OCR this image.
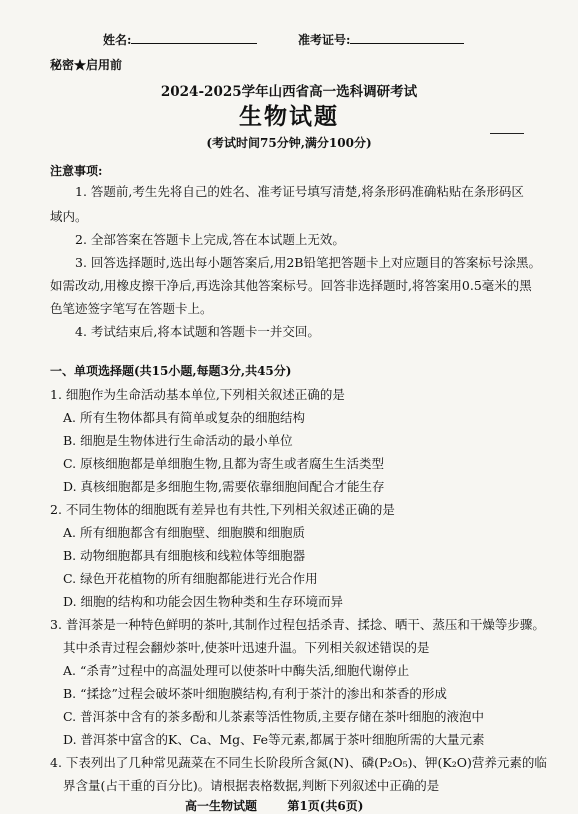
姓名:	准考证号:
秘密★启用前
2024-2025学年山西省高一选科调研考试
生物试题
(考试时间75分钟,满分100分)
注意事项:
1. 答题前,考生先将自己的姓名、准考证号填写清楚,将条形码准确粘贴在条形码区
域内。
2. 全部答案在答题卡上完成,答在本试题上无效。
3. 回答选择题时,选出每小题答案后,用2B铅笔把答题卡上对应题目的答案标号涂黑。
如需改动,用橡皮擦干净后,再选涂其他答案标号。回答非选择题时,将答案用0.5毫米的黑
色笔迹签字笔写在答题卡上。
4. 考试结束后,将本试题和答题卡一并交回。
一、单项选择题(共15小题,每题3分,共45分)
1. 细胞作为生命活动基本单位,下列相关叙述正确的是
A. 所有生物体都具有简单或复杂的细胞结构
B. 细胞是生物体进行生命活动的最小单位
C. 原核细胞都是单细胞生物,且都为寄生或者腐生生活类型
D. 真核细胞都是多细胞生物,需要依靠细胞间配合才能生存
2. 不同生物体的细胞既有差异也有共性,下列相关叙述正确的是
A. 所有细胞都含有细胞壁、细胞膜和细胞质
B. 动物细胞都具有细胞核和线粒体等细胞器
C. 绿色开花植物的所有细胞都能进行光合作用
D. 细胞的结构和功能会因生物种类和生存环境而异
3. 普洱茶是一种特色鲜明的茶叶,其制作过程包括杀青、揉捻、晒干、蒸压和干燥等步骤。
其中杀青过程会翻炒茶叶,使茶叶迅速升温。下列相关叙述错误的是
A. “杀青”过程中的高温处理可以使茶叶中酶失活,细胞代谢停止
B. “揉捻”过程会破坏茶叶细胞膜结构,有利于茶汁的渗出和茶香的形成
C. 普洱茶中含有的茶多酚和儿茶素等活性物质,主要存储在茶叶细胞的液泡中
D. 普洱茶中富含的K、Ca、Mg、Fe等元素,都属于茶叶细胞所需的大量元素
4. 下表列出了几种常见蔬菜在不同生长阶段所含氮(N)、磷(P₂O₅)、钾(K₂O)营养元素的临
界含量(占干重的百分比)。请根据表格数据,判断下列叙述中正确的是
高一生物试题	第1页(共6页)
